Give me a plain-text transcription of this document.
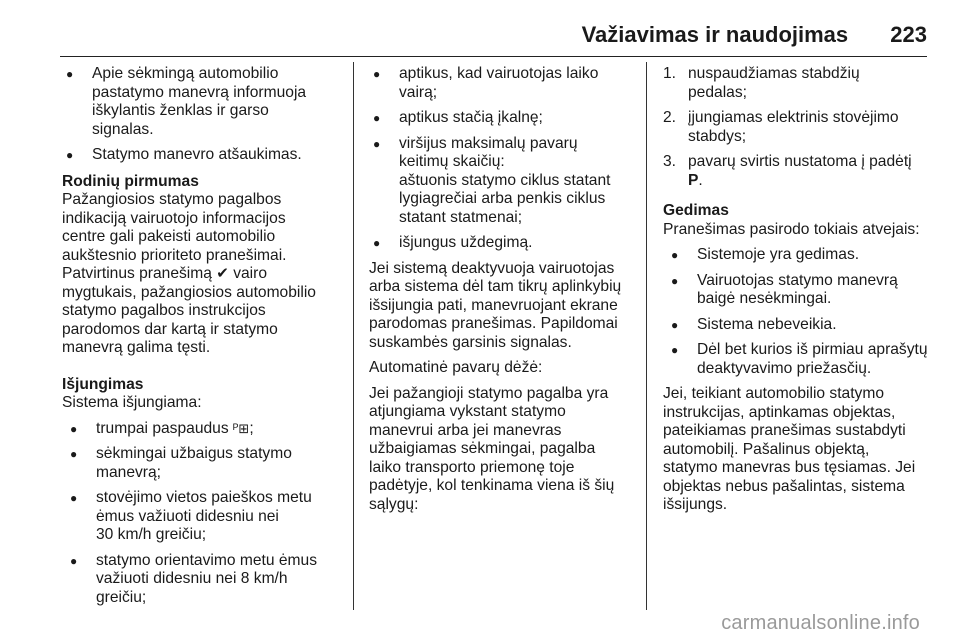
Važiavimas ir naudojimas 223
● Apie sėkmingą automobilio
pastatymo manevrą informuoja
iškylantis ženklas ir garso
signalas.
● Statymo manevro atšaukimas.
Rodinių pirmumas
Pažangiosios statymo pagalbos
indikaciją vairuotojo informacijos
centre gali pakeisti automobilio
aukštesnio prioriteto pranešimai.
Patvirtinus pranešimą ✔ vairo
mygtukais, pažangiosios automobilio
statymo pagalbos instrukcijos
parodomos dar kartą ir statymo
manevrą galima tęsti.
Išjungimas
Sistema išjungiama:
● trumpai paspaudus ᴾ⊞;
● sėkmingai užbaigus statymo
manevrą;
● stovėjimo vietos paieškos metu
ėmus važiuoti didesniu nei
30 km/h greičiu;
● statymo orientavimo metu ėmus
važiuoti didesniu nei 8 km/h
greičiu;
● aptikus, kad vairuotojas laiko
vairą;
● aptikus stačią įkalnę;
● viršijus maksimalų pavarų
keitimų skaičių:
aštuonis statymo ciklus statant
lygiagrečiai arba penkis ciklus
statant statmenai;
● išjungus uždegimą.

Jei sistemą deaktyvuoja vairuotojas
arba sistema dėl tam tikrų aplinkybių
išsijungia pati, manevruojant ekrane
parodomas pranešimas. Papildomai
suskambės garsinis signalas.

Automatinė pavarų dėžė:

Jei pažangioji statymo pagalba yra
atjungiama vykstant statymo
manevrui arba jei manevras
užbaigiamas sėkmingai, pagalba
laiko transporto priemonę toje
padėtyje, kol tenkinama viena iš šių
sąlygų:

1. nuspaudžiamas stabdžių
pedalas;
2. įjungiamas elektrinis stovėjimo
stabdys;
3. pavarų svirtis nustatoma į padėtį
P.
Gedimas
Pranešimas pasirodo tokiais atvejais:
● Sistemoje yra gedimas.
● Vairuotojas statymo manevrą
baigė nesėkmingai.
● Sistema nebeveikia.
● Dėl bet kurios iš pirmiau aprašytų
deaktyvavimo priežasčių.

Jei, teikiant automobilio statymo
instrukcijas, aptinkamas objektas,
pateikiamas pranešimas sustabdyti
automobilį. Pašalinus objektą,
statymo manevras bus tęsiamas. Jei
objektas nebus pašalintas, sistema
išsijungs.

carmanualsonline.info
